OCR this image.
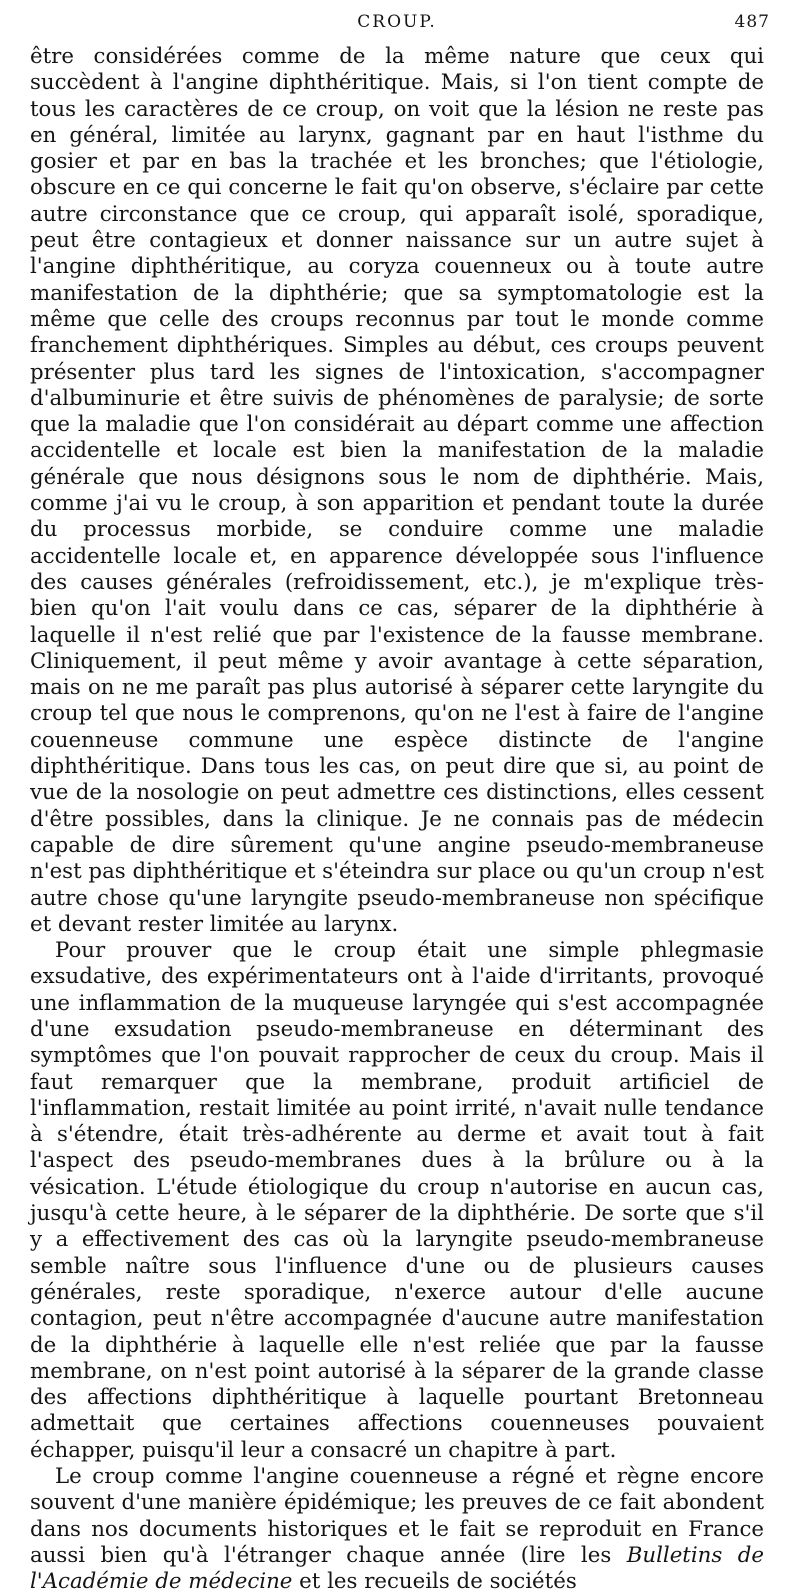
CROUP.	487

être considérées comme de la même nature que ceux qui succèdent à l'angine diphthéritique. Mais, si l'on tient compte de tous les caractères de ce croup, on voit que la lésion ne reste pas en général, limitée au larynx, gagnant par en haut l'isthme du gosier et par en bas la trachée et les bronches; que l'étiologie, obscure en ce qui concerne le fait qu'on observe, s'éclaire par cette autre circonstance que ce croup, qui apparaît isolé, sporadique, peut être contagieux et donner naissance sur un autre sujet à l'angine diphthéritique, au coryza couenneux ou à toute autre manifestation de la diphthérie; que sa symptomatologie est la même que celle des croups reconnus par tout le monde comme franchement diphthériques. Simples au début, ces croups peuvent présenter plus tard les signes de l'intoxication, s'accompagner d'albuminurie et être suivis de phénomènes de paralysie; de sorte que la maladie que l'on considérait au départ comme une affection accidentelle et locale est bien la manifestation de la maladie générale que nous désignons sous le nom de diphthérie. Mais, comme j'ai vu le croup, à son apparition et pendant toute la durée du processus morbide, se conduire comme une maladie accidentelle locale et, en apparence développée sous l'influence des causes générales (refroidissement, etc.), je m'explique très-bien qu'on l'ait voulu dans ce cas, séparer de la diphthérie à laquelle il n'est relié que par l'existence de la fausse membrane. Cliniquement, il peut même y avoir avantage à cette séparation, mais on ne me paraît pas plus autorisé à séparer cette laryngite du croup tel que nous le comprenons, qu'on ne l'est à faire de l'angine couenneuse commune une espèce distincte de l'angine diphthéritique. Dans tous les cas, on peut dire que si, au point de vue de la nosologie on peut admettre ces distinctions, elles cessent d'être possibles, dans la clinique. Je ne connais pas de médecin capable de dire sûrement qu'une angine pseudo-membraneuse n'est pas diphthéritique et s'éteindra sur place ou qu'un croup n'est autre chose qu'une laryngite pseudo-membraneuse non spécifique et devant rester limitée au larynx.

Pour prouver que le croup était une simple phlegmasie exsudative, des expérimentateurs ont à l'aide d'irritants, provoqué une inflammation de la muqueuse laryngée qui s'est accompagnée d'une exsudation pseudo-membraneuse en déterminant des symptômes que l'on pouvait rapprocher de ceux du croup. Mais il faut remarquer que la membrane, produit artificiel de l'inflammation, restait limitée au point irrité, n'avait nulle tendance à s'étendre, était très-adhérente au derme et avait tout à fait l'aspect des pseudo-membranes dues à la brûlure ou à la vésication. L'étude étiologique du croup n'autorise en aucun cas, jusqu'à cette heure, à le séparer de la diphthérie. De sorte que s'il y a effectivement des cas où la laryngite pseudo-membraneuse semble naître sous l'influence d'une ou de plusieurs causes générales, reste sporadique, n'exerce autour d'elle aucune contagion, peut n'être accompagnée d'aucune autre manifestation de la diphthérie à laquelle elle n'est reliée que par la fausse membrane, on n'est point autorisé à la séparer de la grande classe des affections diphthéritique à laquelle pourtant Bretonneau admettait que certaines affections couenneuses pouvaient échapper, puisqu'il leur a consacré un chapitre à part.

Le croup comme l'angine couenneuse a régné et règne encore souvent d'une manière épidémique; les preuves de ce fait abondent dans nos documents historiques et le fait se reproduit en France aussi bien qu'à l'étranger chaque année (lire les Bulletins de l'Académie de médecine et les recueils de sociétés
